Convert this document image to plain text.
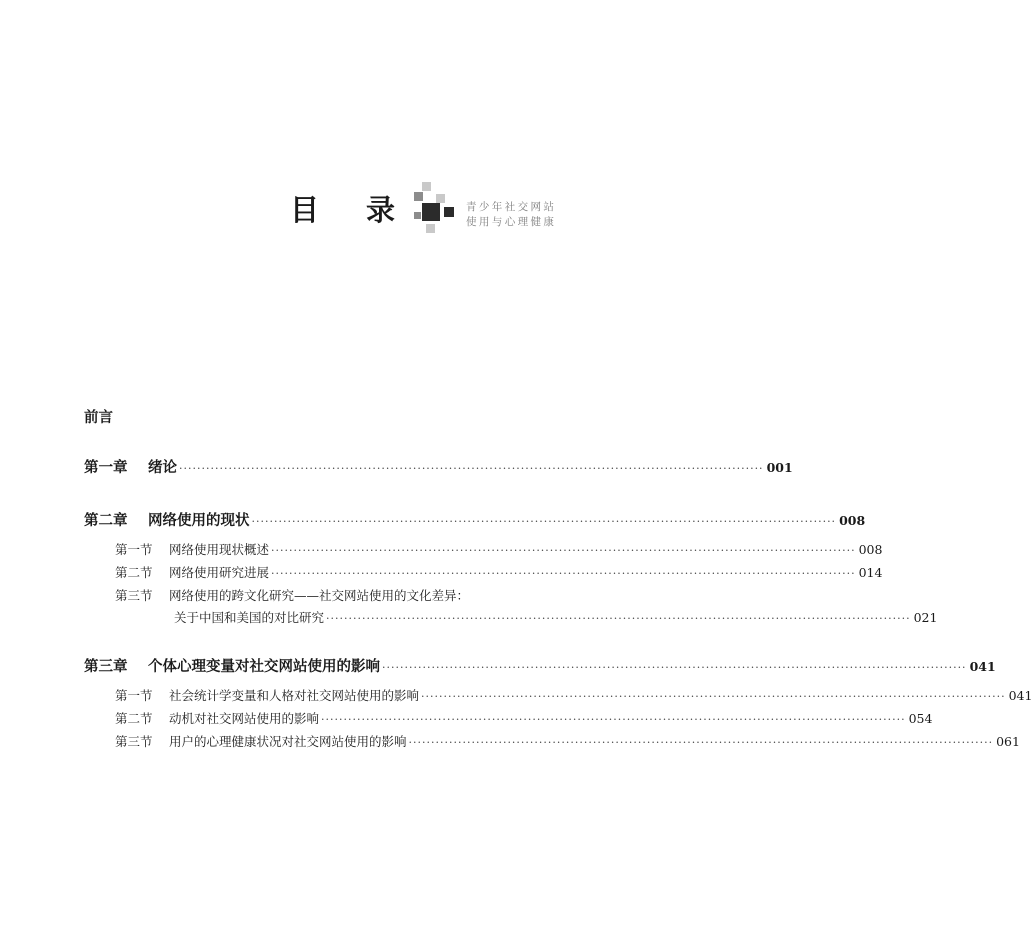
目 录	青少年社交网站
使用与心理健康
前言
第一章	绪论 ·································································································································· 001
第二章	网络使用的现状 ·································································································································· 008
第一节	网络使用现状概述 ·································································································································· 008
第二节	网络使用研究进展 ·································································································································· 014
第三节	网络使用的跨文化研究——社交网站使用的文化差异：
关于中国和美国的对比研究 ·································································································································· 021
第三章	个体心理变量对社交网站使用的影响 ·································································································································· 041
第一节	社会统计学变量和人格对社交网站使用的影响 ·································································································································· 041
第二节	动机对社交网站使用的影响 ·································································································································· 054
第三节	用户的心理健康状况对社交网站使用的影响 ·································································································································· 061
